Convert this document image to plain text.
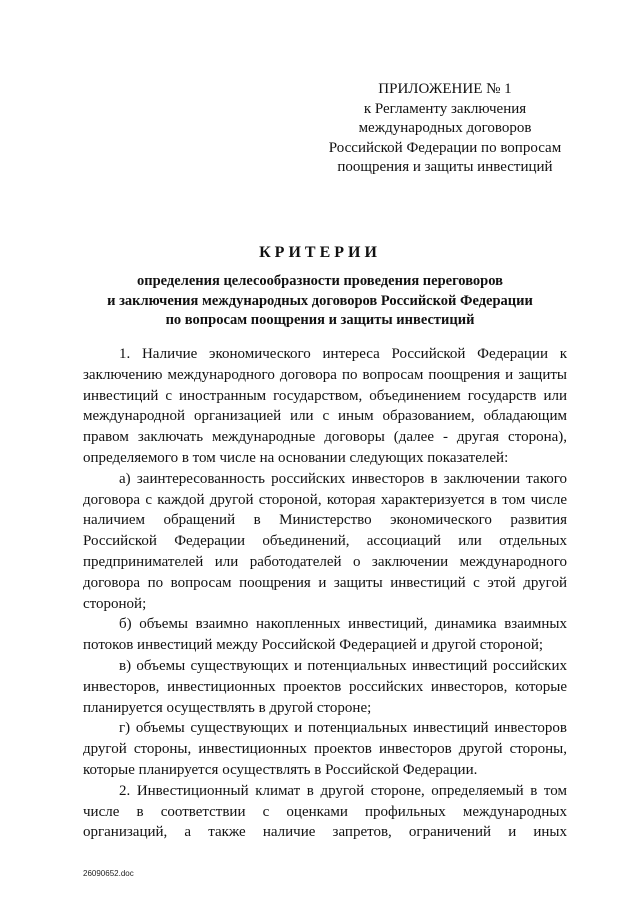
ПРИЛОЖЕНИЕ № 1
к Регламенту заключения
международных договоров
Российской Федерации по вопросам
поощрения и защиты инвестиций
КРИТЕРИИ
определения целесообразности проведения переговоров
и заключения международных договоров Российской Федерации
по вопросам поощрения и защиты инвестиций
1. Наличие экономического интереса Российской Федерации к
заключению международного договора по вопросам поощрения и защиты
инвестиций с иностранным государством, объединением государств или
международной организацией или с иным образованием, обладающим
правом заключать международные договоры (далее - другая сторона),
определяемого в том числе на основании следующих показателей:
а) заинтересованность российских инвесторов в заключении такого
договора с каждой другой стороной, которая характеризуется в том числе
наличием обращений в Министерство экономического развития
Российской Федерации объединений, ассоциаций или отдельных
предпринимателей или работодателей о заключении международного
договора по вопросам поощрения и защиты инвестиций с этой другой
стороной;
б) объемы взаимно накопленных инвестиций, динамика взаимных
потоков инвестиций между Российской Федерацией и другой стороной;
в) объемы существующих и потенциальных инвестиций российских
инвесторов, инвестиционных проектов российских инвесторов, которые
планируется осуществлять в другой стороне;
г) объемы существующих и потенциальных инвестиций инвесторов
другой стороны, инвестиционных проектов инвесторов другой стороны,
которые планируется осуществлять в Российской Федерации.
2. Инвестиционный климат в другой стороне, определяемый в том
числе в соответствии с оценками профильных международных
организаций, а также наличие запретов, ограничений и иных
26090652.doc
